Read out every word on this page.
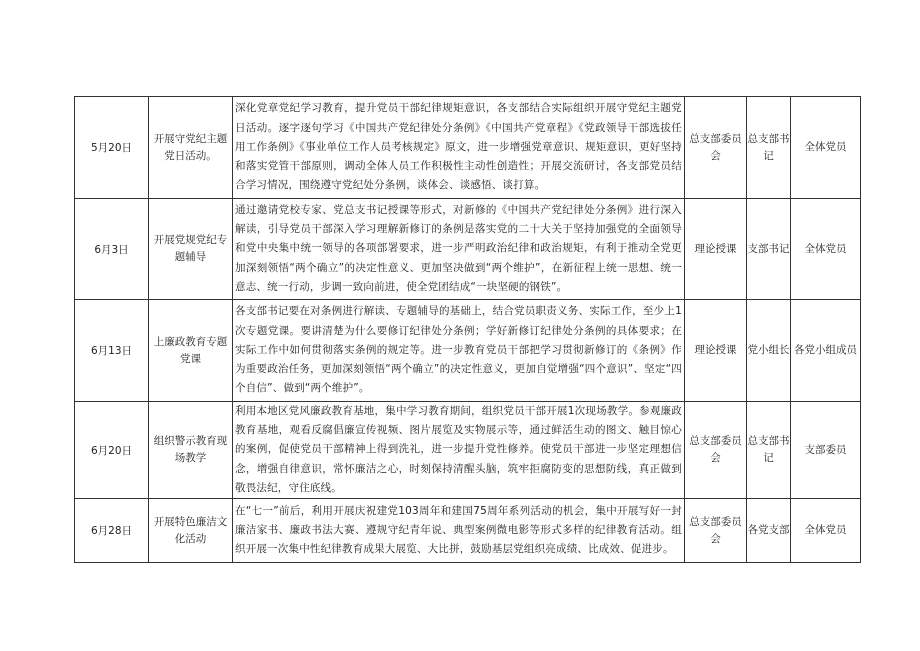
5月20日	开展守党纪主题党日活动。	深化党章党纪学习教育，提升党员干部纪律规矩意识，各支部结合实际组织开展守党纪主题党日活动。逐字逐句学习《中国共产党纪律处分条例》《中国共产党章程》《党政领导干部选拔任用工作条例》《事业单位工作人员考核规定》原文，进一步增强党章意识、规矩意识，更好坚持和落实党管干部原则，调动全体人员工作积极性主动性创造性；开展交流研讨，各支部党员结合学习情况，围绕遵守党纪处分条例，谈体会、谈感悟、谈打算。	总支部委员会	总支部书记	全体党员
6月3日	开展党规党纪专题辅导	通过邀请党校专家、党总支书记授课等形式，对新修的《中国共产党纪律处分条例》进行深入解读，引导党员干部深入学习理解新修订的条例是落实党的二十大关于坚持加强党的全面领导和党中央集中统一领导的各项部署要求，进一步严明政治纪律和政治规矩，有利于推动全党更加深刻领悟“两个确立”的决定性意义、更加坚决做到“两个维护”，在新征程上统一思想、统一意志、统一行动，步调一致向前进，使全党团结成“一块坚硬的钢铁”。	理论授课	支部书记	全体党员
6月13日	上廉政教育专题党课	各支部书记要在对条例进行解读、专题辅导的基础上，结合党员职责义务、实际工作，至少上1次专题党课。要讲清楚为什么要修订纪律处分条例；学好新修订纪律处分条例的具体要求；在实际工作中如何贯彻落实条例的规定等。进一步教育党员干部把学习贯彻新修订的《条例》作为重要政治任务，更加深刻领悟“两个确立”的决定性意义，更加自觉增强“四个意识”、坚定“四个自信”、做到“两个维护”。	理论授课	党小组长	各党小组成员
6月20日	组织警示教育现场教学	利用本地区党风廉政教育基地，集中学习教育期间，组织党员干部开展1次现场教学。参观廉政教育基地，观看反腐倡廉宣传视频、图片展览及实物展示等，通过鲜活生动的图文、触目惊心的案例，促使党员干部精神上得到洗礼，进一步提升党性修养。使党员干部进一步坚定理想信念，增强自律意识，常怀廉洁之心，时刻保持清醒头脑，筑牢拒腐防变的思想防线，真正做到敬畏法纪，守住底线。	总支部委员会	总支部书记	支部委员
6月28日	开展特色廉洁文化活动	在“七一”前后，利用开展庆祝建党103周年和建国75周年系列活动的机会，集中开展写好一封廉洁家书、廉政书法大赛、遵规守纪青年说、典型案例微电影等形式多样的纪律教育活动。组织开展一次集中性纪律教育成果大展览、大比拼，鼓励基层党组织亮成绩、比成效、促进步。	总支部委员会	各党支部	全体党员
